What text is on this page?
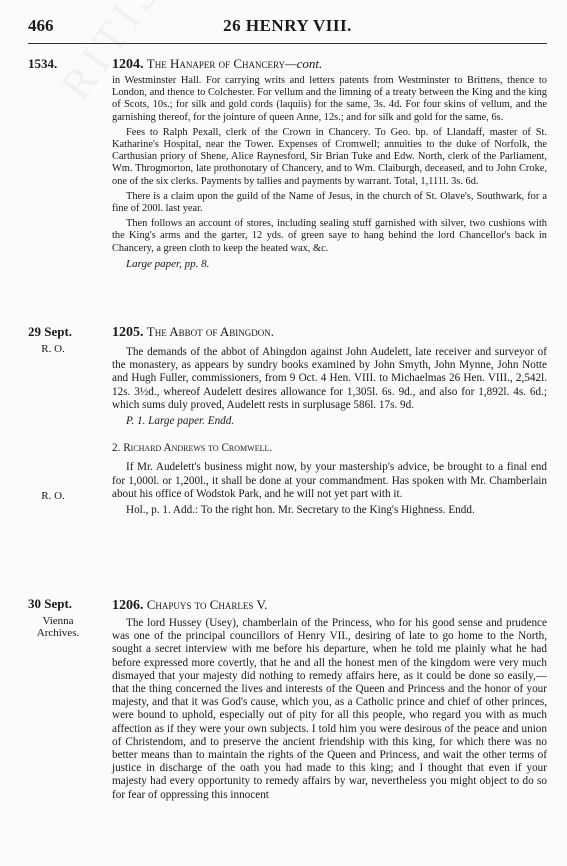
466	26 HENRY VIII.
1534.
29 Sept.
R. O.
R. O.
30 Sept.
Vienna
Archives.
1204. The Hanaper of Chancery—cont.

in Westminster Hall. For carrying writs and letters patents from Westminster to Brittens, thence to London, and thence to Colchester. For vellum and the limning of a treaty between the King and the king of Scots, 10s.; for silk and gold cords (laquiis) for the same, 3s. 4d. For four skins of vellum, and the garnishing thereof, for the jointure of queen Anne, 12s.; and for silk and gold for the same, 6s.

Fees to Ralph Pexall, clerk of the Crown in Chancery. To Geo. bp. of Llandaff, master of St. Katharine's Hospital, near the Tower. Expenses of Cromwell; annuities to the duke of Norfolk, the Carthusian priory of Shene, Alice Raynesford, Sir Brian Tuke and Edw. North, clerk of the Parliament, Wm. Throgmorton, late prothonotary of Chancery, and to Wm. Claiburgh, deceased, and to John Croke, one of the six clerks. Payments by tallies and payments by warrant. Total, 1,111l. 3s. 6d.

There is a claim upon the guild of the Name of Jesus, in the church of St. Olave's, Southwark, for a fine of 200l. last year.

Then follows an account of stores, including sealing stuff garnished with silver, two cushions with the King's arms and the garter, 12 yds. of green saye to hang behind the lord Chancellor's back in Chancery, a green cloth to keep the heated wax, &c.

Large paper, pp. 8.

1205. The Abbot of Abingdon.

The demands of the abbot of Abingdon against John Audelett, late receiver and surveyor of the monastery, as appears by sundry books examined by John Smyth, John Mynne, John Notte and Hugh Fuller, commissioners, from 9 Oct. 4 Hen. VIII. to Michaelmas 26 Hen. VIII., 2,542l. 12s. 3½d., whereof Audelett desires allowance for 1,305l. 6s. 9d., and also for 1,892l. 4s. 6d.; which sums duly proved, Audelett rests in surplusage 586l. 17s. 9d.

P. 1. Large paper. Endd.

2. Richard Andrews to Cromwell.

If Mr. Audelett's business might now, by your mastership's advice, be brought to a final end for 1,000l. or 1,200l., it shall be done at your commandment. Has spoken with Mr. Chamberlain about his office of Wodstok Park, and he will not yet part with it.

Hol., p. 1. Add.: To the right hon. Mr. Secretary to the King's Highness. Endd.

1206. Chapuys to Charles V.

The lord Hussey (Usey), chamberlain of the Princess, who for his good sense and prudence was one of the principal councillors of Henry VII., desiring of late to go home to the North, sought a secret interview with me before his departure, when he told me plainly what he had before expressed more covertly, that he and all the honest men of the kingdom were very much dismayed that your majesty did nothing to remedy affairs here, as it could be done so easily,—that the thing concerned the lives and interests of the Queen and Princess and the honor of your majesty, and that it was God's cause, which you, as a Catholic prince and chief of other princes, were bound to uphold, especially out of pity for all this people, who regard you with as much affection as if they were your own subjects. I told him you were desirous of the peace and union of Christendom, and to preserve the ancient friendship with this king, for which there was no better means than to maintain the rights of the Queen and Princess, and wait the other terms of justice in discharge of the oath you had made to this king; and I thought that even if your majesty had every opportunity to remedy affairs by war, nevertheless you might object to do so for fear of oppressing this innocent
